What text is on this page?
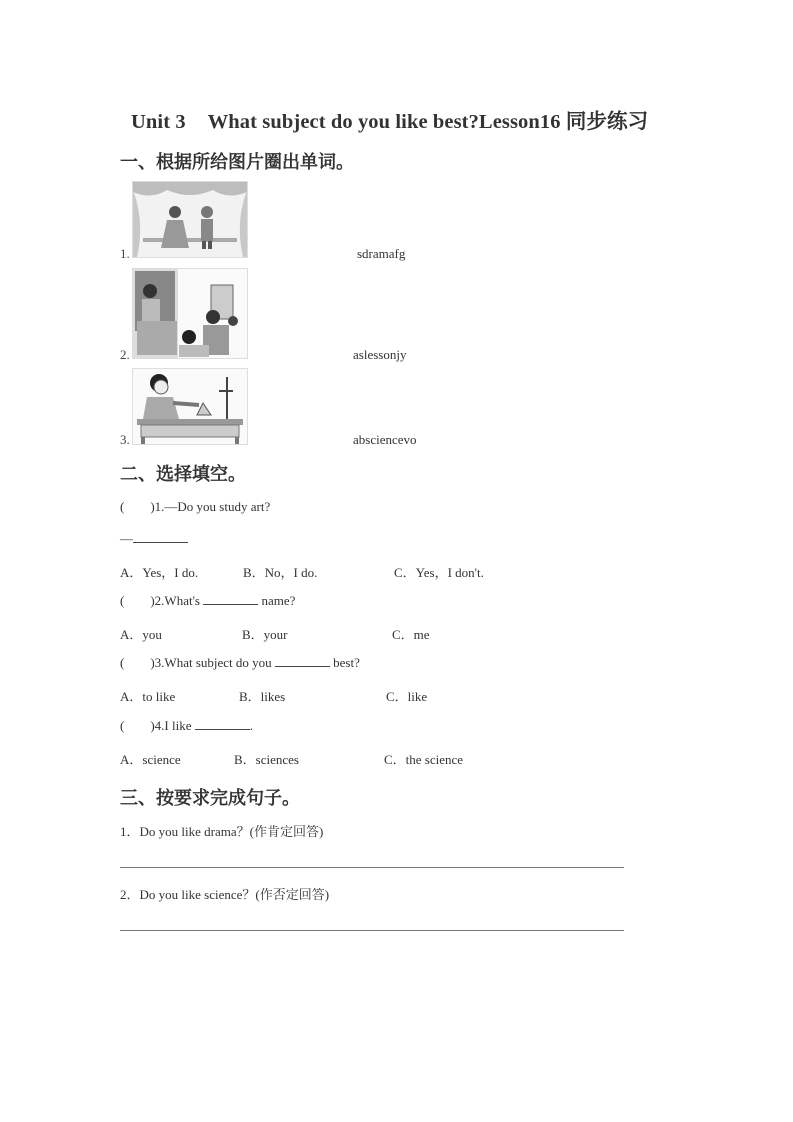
Unit 3 What subject do you like best?Lesson16 同步练习
一、根据所给图片圈出单词。
1.	sdramafg
2.	aslessonjy
3.	absciencevo
二、选择填空。
(        )1.—Do you study art?
—
A．Yes，I do.	B．No，I do.	C．Yes，I don't.
(        )2.What's	name?
A．you	B．your	C．me
(        )3.What subject do you	best?
A．to like	B．likes	C．like
(        )4.I like	.
A．science	B．sciences	C．the science
三、按要求完成句子。
1．Do you like drama？(作肯定回答)
2．Do you like science？(作否定回答)
